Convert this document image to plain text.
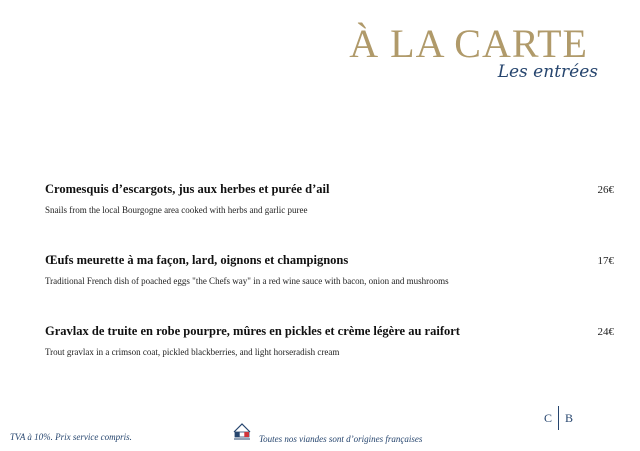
À LA CARTE
Les entrées
Cromesquis d’escargots, jus aux herbes et purée d’ail	26€
Snails from the local Bourgogne area cooked with herbs and garlic puree
Œufs meurette à ma façon, lard, oignons et champignons	17€
Traditional French dish of poached eggs "the Chefs way" in a red wine sauce with bacon, onion and mushrooms
Gravlax de truite en robe pourpre, mûres en pickles et crème légère au raifort	24€
Trout gravlax in a crimson coat, pickled blackberries, and light horseradish cream
TVA à 10%. Prix service compris.	Toutes nos viandes sont d’origines françaises
C B
